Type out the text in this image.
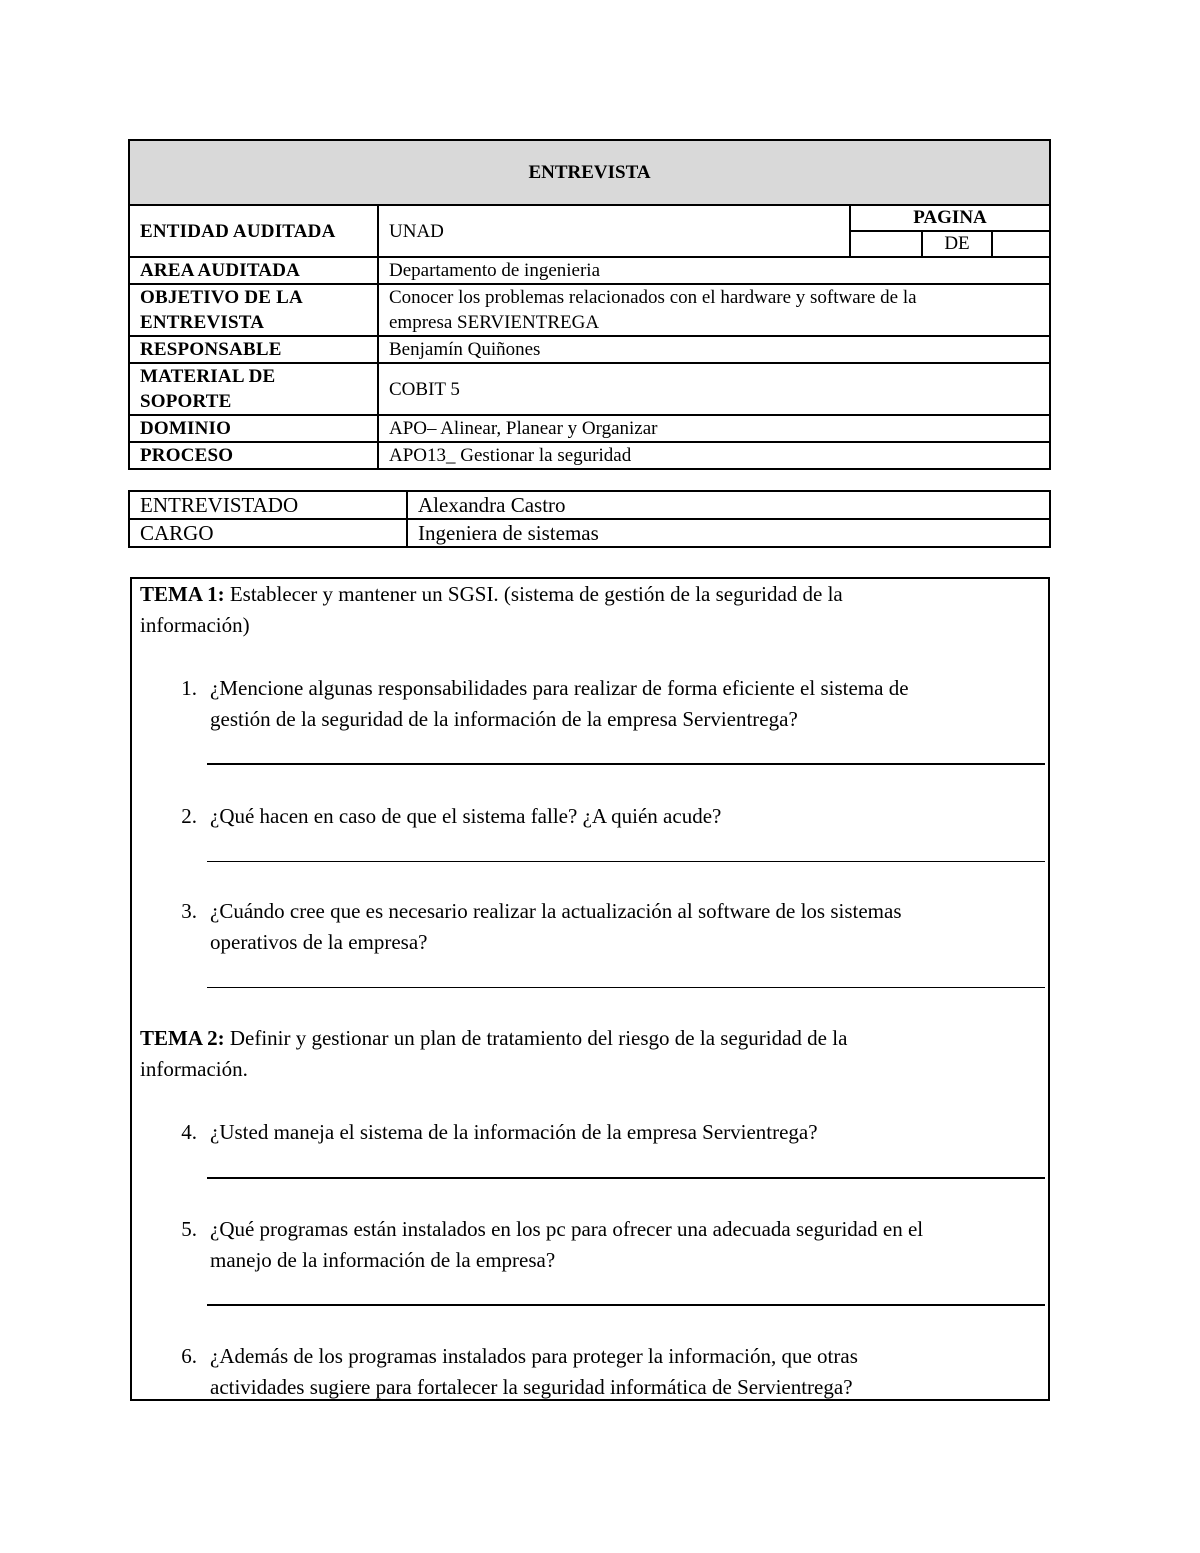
ENTREVISTA		
ENTIDAD AUDITADA	UNAD	PAGINA
DE

AREA AUDITADA	Departamento de ingenieria	
OBJETIVO DE LA
ENTREVISTA	Conocer los problemas relacionados con el hardware y software de la
empresa SERVIENTREGA	
RESPONSABLE	Benjamín Quiñones	
MATERIAL DE
SOPORTE	COBIT 5	
DOMINIO	APO– Alinear, Planear y Organizar	
PROCESO	APO13_ Gestionar la seguridad	
ENTREVISTADO	Alexandra Castro
CARGO	Ingeniera de sistemas
TEMA 1: Establecer y mantener un SGSI. (sistema de gestión de la seguridad de la
información)
1. ¿Mencione algunas responsabilidades para realizar de forma eficiente el sistema de
gestión de la seguridad de la información de la empresa Servientrega?
2. ¿Qué hacen en caso de que el sistema falle? ¿A quién acude?
3. ¿Cuándo cree que es necesario realizar la actualización al software de los sistemas
operativos de la empresa?
TEMA 2: Definir y gestionar un plan de tratamiento del riesgo de la seguridad de la
información.
4. ¿Usted maneja el sistema de la información de la empresa Servientrega?
5. ¿Qué programas están instalados en los pc para ofrecer una adecuada seguridad en el
manejo de la información de la empresa?
6. ¿Además de los programas instalados para proteger la información, que otras
actividades sugiere para fortalecer la seguridad informática de Servientrega?
